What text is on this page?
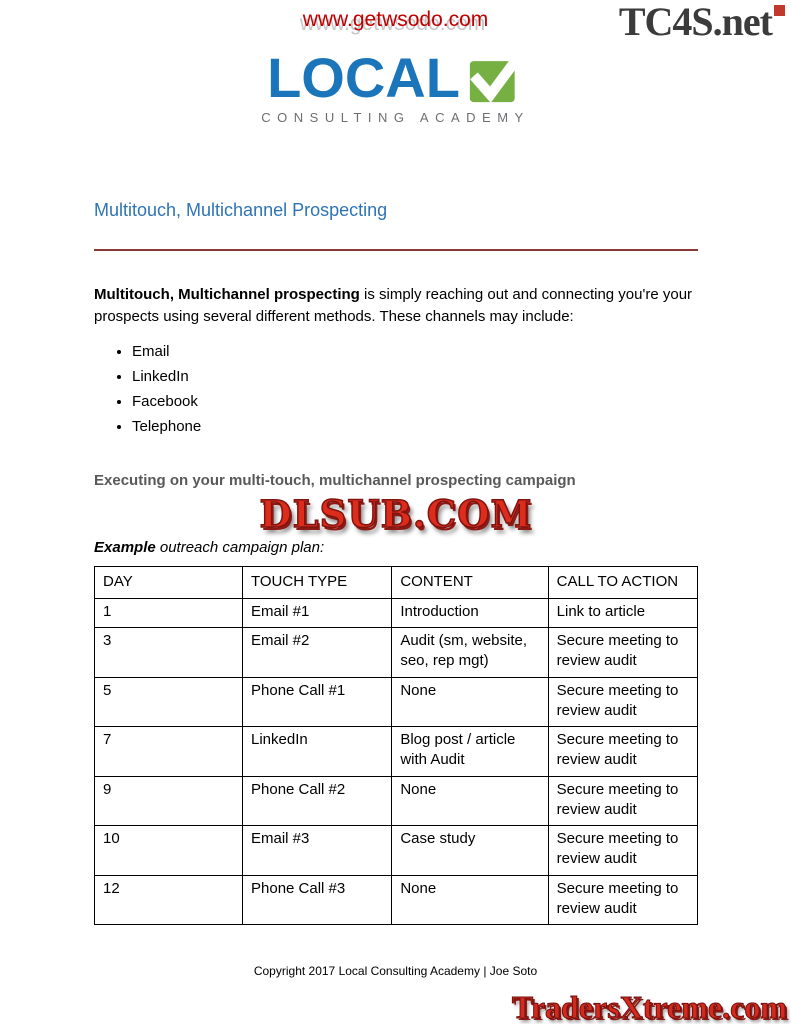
www.getwsodo.com	TC4S.net
LOCAL
CONSULTING ACADEMY
Multitouch, Multichannel Prospecting

Multitouch, Multichannel prospecting is simply reaching out and connecting you're your prospects using several different methods. These channels may include:

• Email
• LinkedIn
• Facebook
• Telephone

Executing on your multi-touch, multichannel prospecting campaign

DLSUB.COM

Example outreach campaign plan:

DAY	TOUCH TYPE	CONTENT	CALL TO ACTION
1	Email #1	Introduction	Link to article
3	Email #2	Audit (sm, website, seo, rep mgt)	Secure meeting to review audit
5	Phone Call #1	None	Secure meeting to review audit
7	LinkedIn	Blog post / article with Audit	Secure meeting to review audit
9	Phone Call #2	None	Secure meeting to review audit
10	Email #3	Case study	Secure meeting to review audit
12	Phone Call #3	None	Secure meeting to review audit
Copyright 2017 Local Consulting Academy | Joe Soto
TradersXtreme.com
